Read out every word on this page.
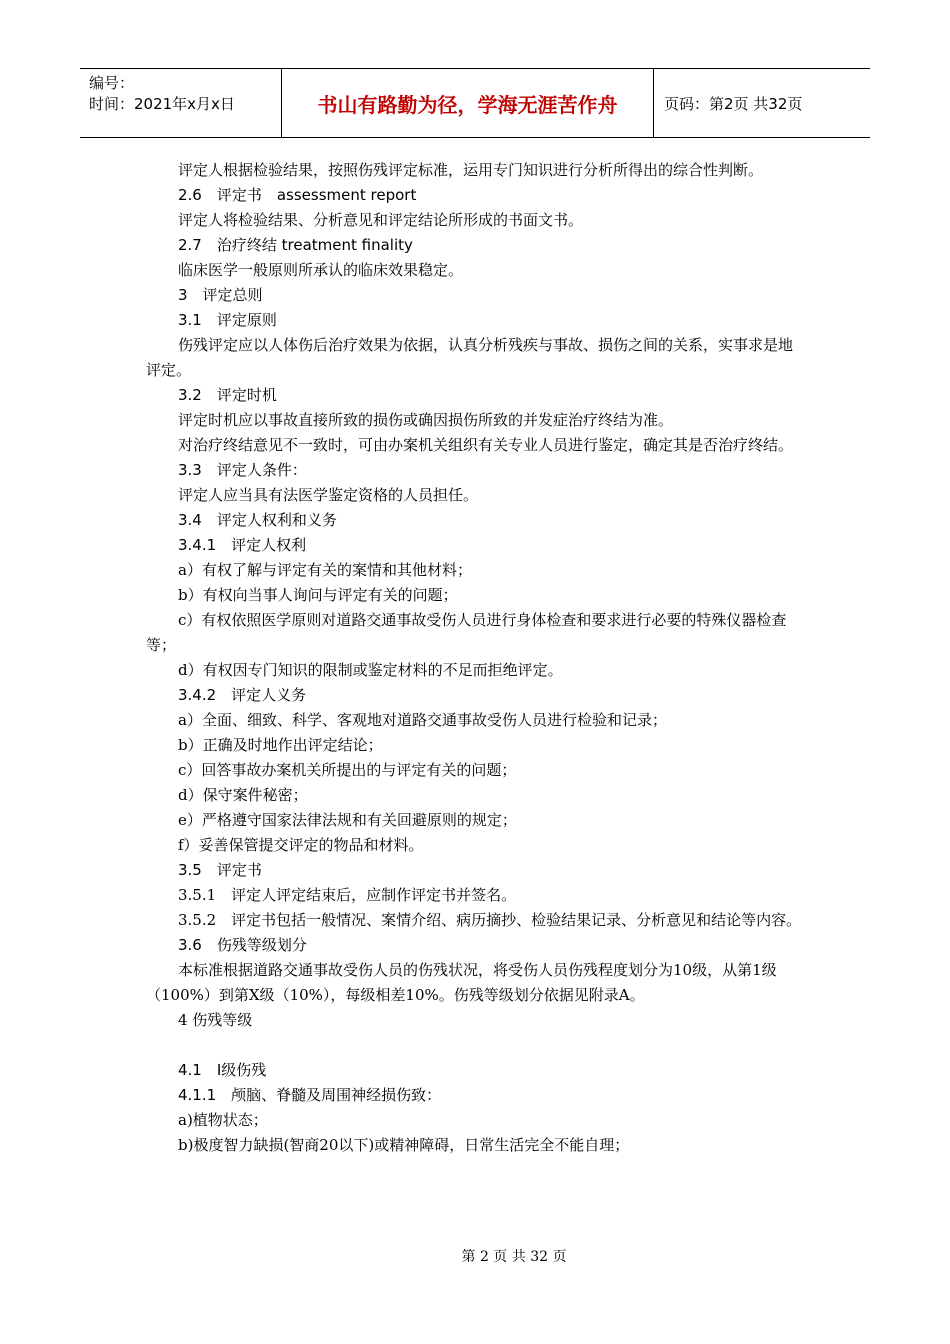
编号：
时间：2021年x月x日	书山有路勤为径，学海无涯苦作舟	页码：第2页 共32页

评定人根据检验结果，按照伤残评定标准，运用专门知识进行分析所得出的综合性判断。

2.6　评定书　assessment report

评定人将检验结果、分析意见和评定结论所形成的书面文书。

2.7　治疗终结 treatment finality

临床医学一般原则所承认的临床效果稳定。

3　评定总则

3.1　评定原则

伤残评定应以人体伤后治疗效果为依据，认真分析残疾与事故、损伤之间的关系，实事求是地评定。

3.2　评定时机

评定时机应以事故直接所致的损伤或确因损伤所致的并发症治疗终结为准。

对治疗终结意见不一致时，可由办案机关组织有关专业人员进行鉴定，确定其是否治疗终结。

3.3　评定人条件：

评定人应当具有法医学鉴定资格的人员担任。

3.4　评定人权利和义务

3.4.1　评定人权利

a）有权了解与评定有关的案情和其他材料；

b）有权向当事人询问与评定有关的问题；

c）有权依照医学原则对道路交通事故受伤人员进行身体检查和要求进行必要的特殊仪器检查等；

d）有权因专门知识的限制或鉴定材料的不足而拒绝评定。

3.4.2　评定人义务

a）全面、细致、科学、客观地对道路交通事故受伤人员进行检验和记录；

b）正确及时地作出评定结论；

c）回答事故办案机关所提出的与评定有关的问题；

d）保守案件秘密；

e）严格遵守国家法律法规和有关回避原则的规定；

f）妥善保管提交评定的物品和材料。

3.5　评定书

3.5.1　评定人评定结束后，应制作评定书并签名。

3.5.2　评定书包括一般情况、案情介绍、病历摘抄、检验结果记录、分析意见和结论等内容。

3.6　伤残等级划分

本标准根据道路交通事故受伤人员的伤残状况，将受伤人员伤残程度划分为10级，从第1级（100%）到第X级（10%），每级相差10%。伤残等级划分依据见附录A。

4 伤残等级

4.1　Ⅰ级伤残

4.1.1　颅脑、脊髓及周围神经损伤致：

a)植物状态；

b)极度智力缺损(智商20以下)或精神障碍，日常生活完全不能自理；

第 2 页 共 32 页
